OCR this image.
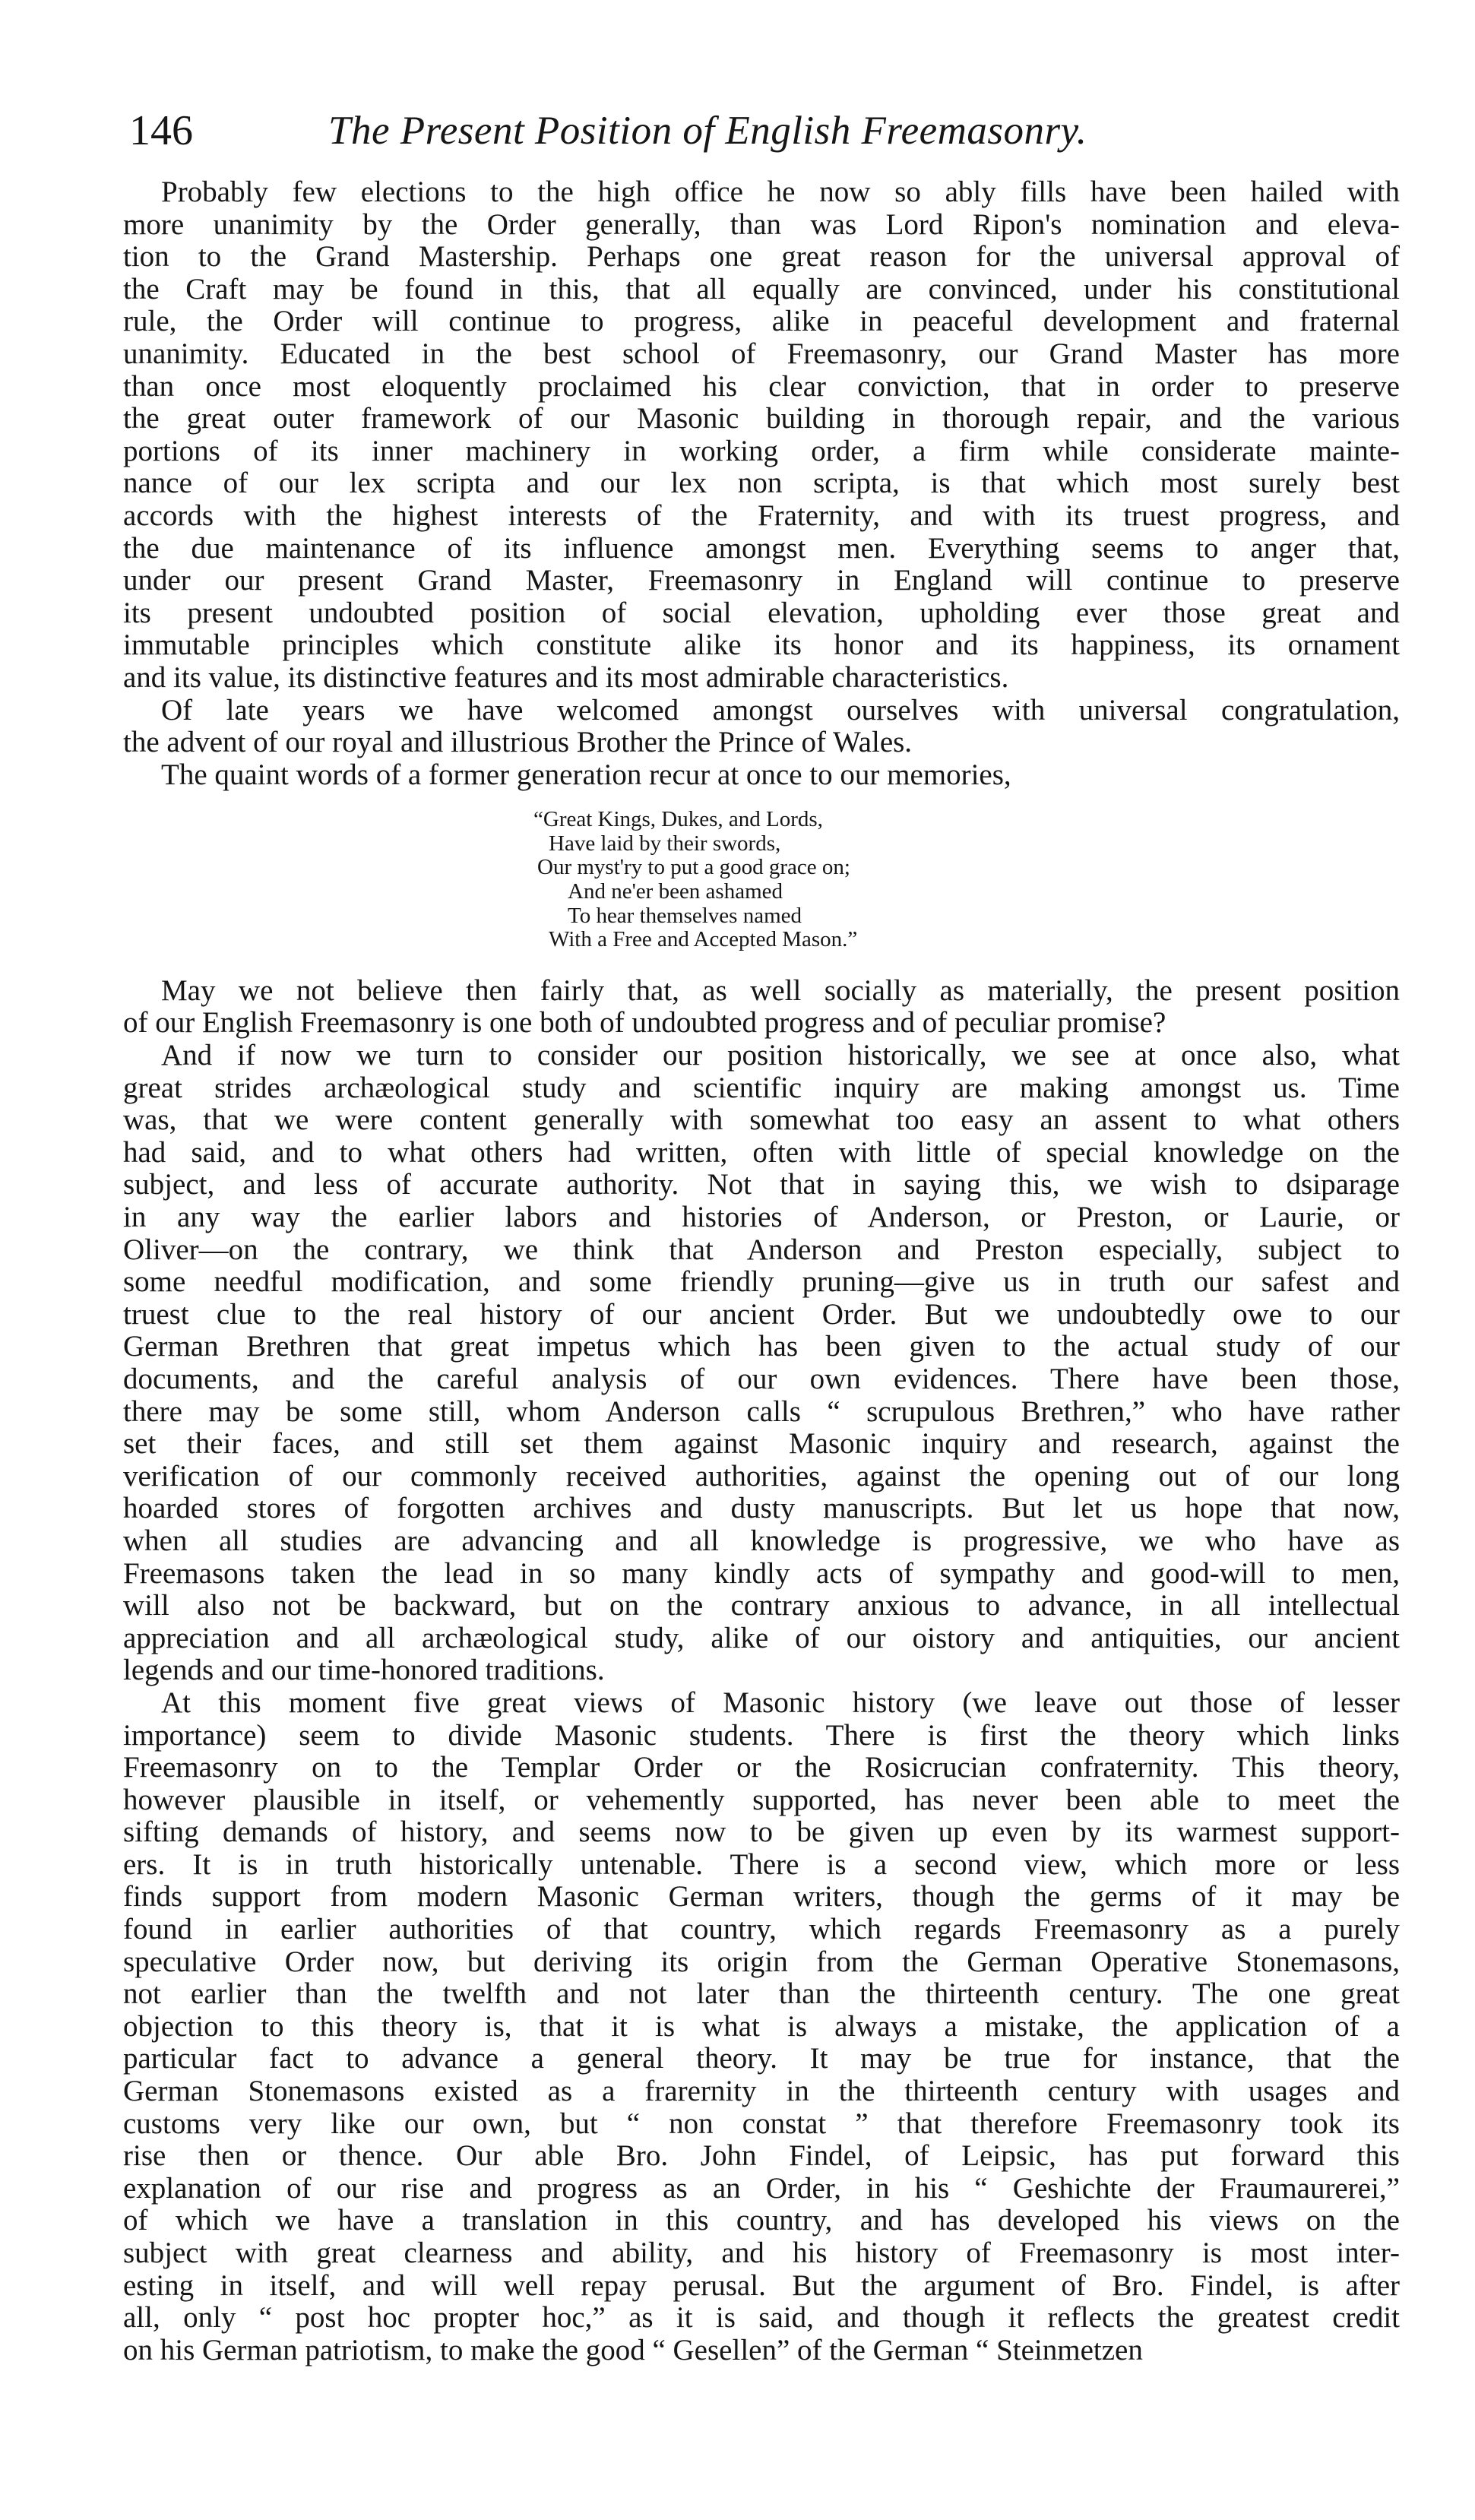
146	The Present Position of English Freemasonry.
Probably few elections to the high office he now so ably fills have been hailed with
more unanimity by the Order generally, than was Lord Ripon's nomination and eleva-
tion to the Grand Mastership. Perhaps one great reason for the universal approval of
the Craft may be found in this, that all equally are convinced, under his constitutional
rule, the Order will continue to progress, alike in peaceful development and fraternal
unanimity. Educated in the best school of Freemasonry, our Grand Master has more
than once most eloquently proclaimed his clear conviction, that in order to preserve
the great outer framework of our Masonic building in thorough repair, and the various
portions of its inner machinery in working order, a firm while considerate mainte-
nance of our lex scripta and our lex non scripta, is that which most surely best
accords with the highest interests of the Fraternity, and with its truest progress, and
the due maintenance of its influence amongst men. Everything seems to anger that,
under our present Grand Master, Freemasonry in England will continue to preserve
its present undoubted position of social elevation, upholding ever those great and
immutable principles which constitute alike its honor and its happiness, its ornament
and its value, its distinctive features and its most admirable characteristics.
Of late years we have welcomed amongst ourselves with universal congratulation,
the advent of our royal and illustrious Brother the Prince of Wales.
The quaint words of a former generation recur at once to our memories,
“Great Kings, Dukes, and Lords,
Have laid by their swords,
Our myst'ry to put a good grace on;
And ne'er been ashamed
To hear themselves named
With a Free and Accepted Mason.”
May we not believe then fairly that, as well socially as materially, the present position
of our English Freemasonry is one both of undoubted progress and of peculiar promise?
And if now we turn to consider our position historically, we see at once also, what
great strides archæological study and scientific inquiry are making amongst us. Time
was, that we were content generally with somewhat too easy an assent to what others
had said, and to what others had written, often with little of special knowledge on the
subject, and less of accurate authority. Not that in saying this, we wish to dsiparage
in any way the earlier labors and histories of Anderson, or Preston, or Laurie, or
Oliver—on the contrary, we think that Anderson and Preston especially, subject to
some needful modification, and some friendly pruning—give us in truth our safest and
truest clue to the real history of our ancient Order. But we undoubtedly owe to our
German Brethren that great impetus which has been given to the actual study of our
documents, and the careful analysis of our own evidences. There have been those,
there may be some still, whom Anderson calls “ scrupulous Brethren,” who have rather
set their faces, and still set them against Masonic inquiry and research, against the
verification of our commonly received authorities, against the opening out of our long
hoarded stores of forgotten archives and dusty manuscripts. But let us hope that now,
when all studies are advancing and all knowledge is progressive, we who have as
Freemasons taken the lead in so many kindly acts of sympathy and good-will to men,
will also not be backward, but on the contrary anxious to advance, in all intellectual
appreciation and all archæological study, alike of our oistory and antiquities, our ancient
legends and our time-honored traditions.
At this moment five great views of Masonic history (we leave out those of lesser
importance) seem to divide Masonic students. There is first the theory which links
Freemasonry on to the Templar Order or the Rosicrucian confraternity. This theory,
however plausible in itself, or vehemently supported, has never been able to meet the
sifting demands of history, and seems now to be given up even by its warmest support-
ers. It is in truth historically untenable. There is a second view, which more or less
finds support from modern Masonic German writers, though the germs of it may be
found in earlier authorities of that country, which regards Freemasonry as a purely
speculative Order now, but deriving its origin from the German Operative Stonemasons,
not earlier than the twelfth and not later than the thirteenth century. The one great
objection to this theory is, that it is what is always a mistake, the application of a
particular fact to advance a general theory. It may be true for instance, that the
German Stonemasons existed as a frarernity in the thirteenth century with usages and
customs very like our own, but “ non constat ” that therefore Freemasonry took its
rise then or thence. Our able Bro. John Findel, of Leipsic, has put forward this
explanation of our rise and progress as an Order, in his “ Geshichte der Fraumaurerei,”
of which we have a translation in this country, and has developed his views on the
subject with great clearness and ability, and his history of Freemasonry is most inter-
esting in itself, and will well repay perusal. But the argument of Bro. Findel, is after
all, only “ post hoc propter hoc,” as it is said, and though it reflects the greatest credit
on his German patriotism, to make the good “ Gesellen” of the German “ Steinmetzen
